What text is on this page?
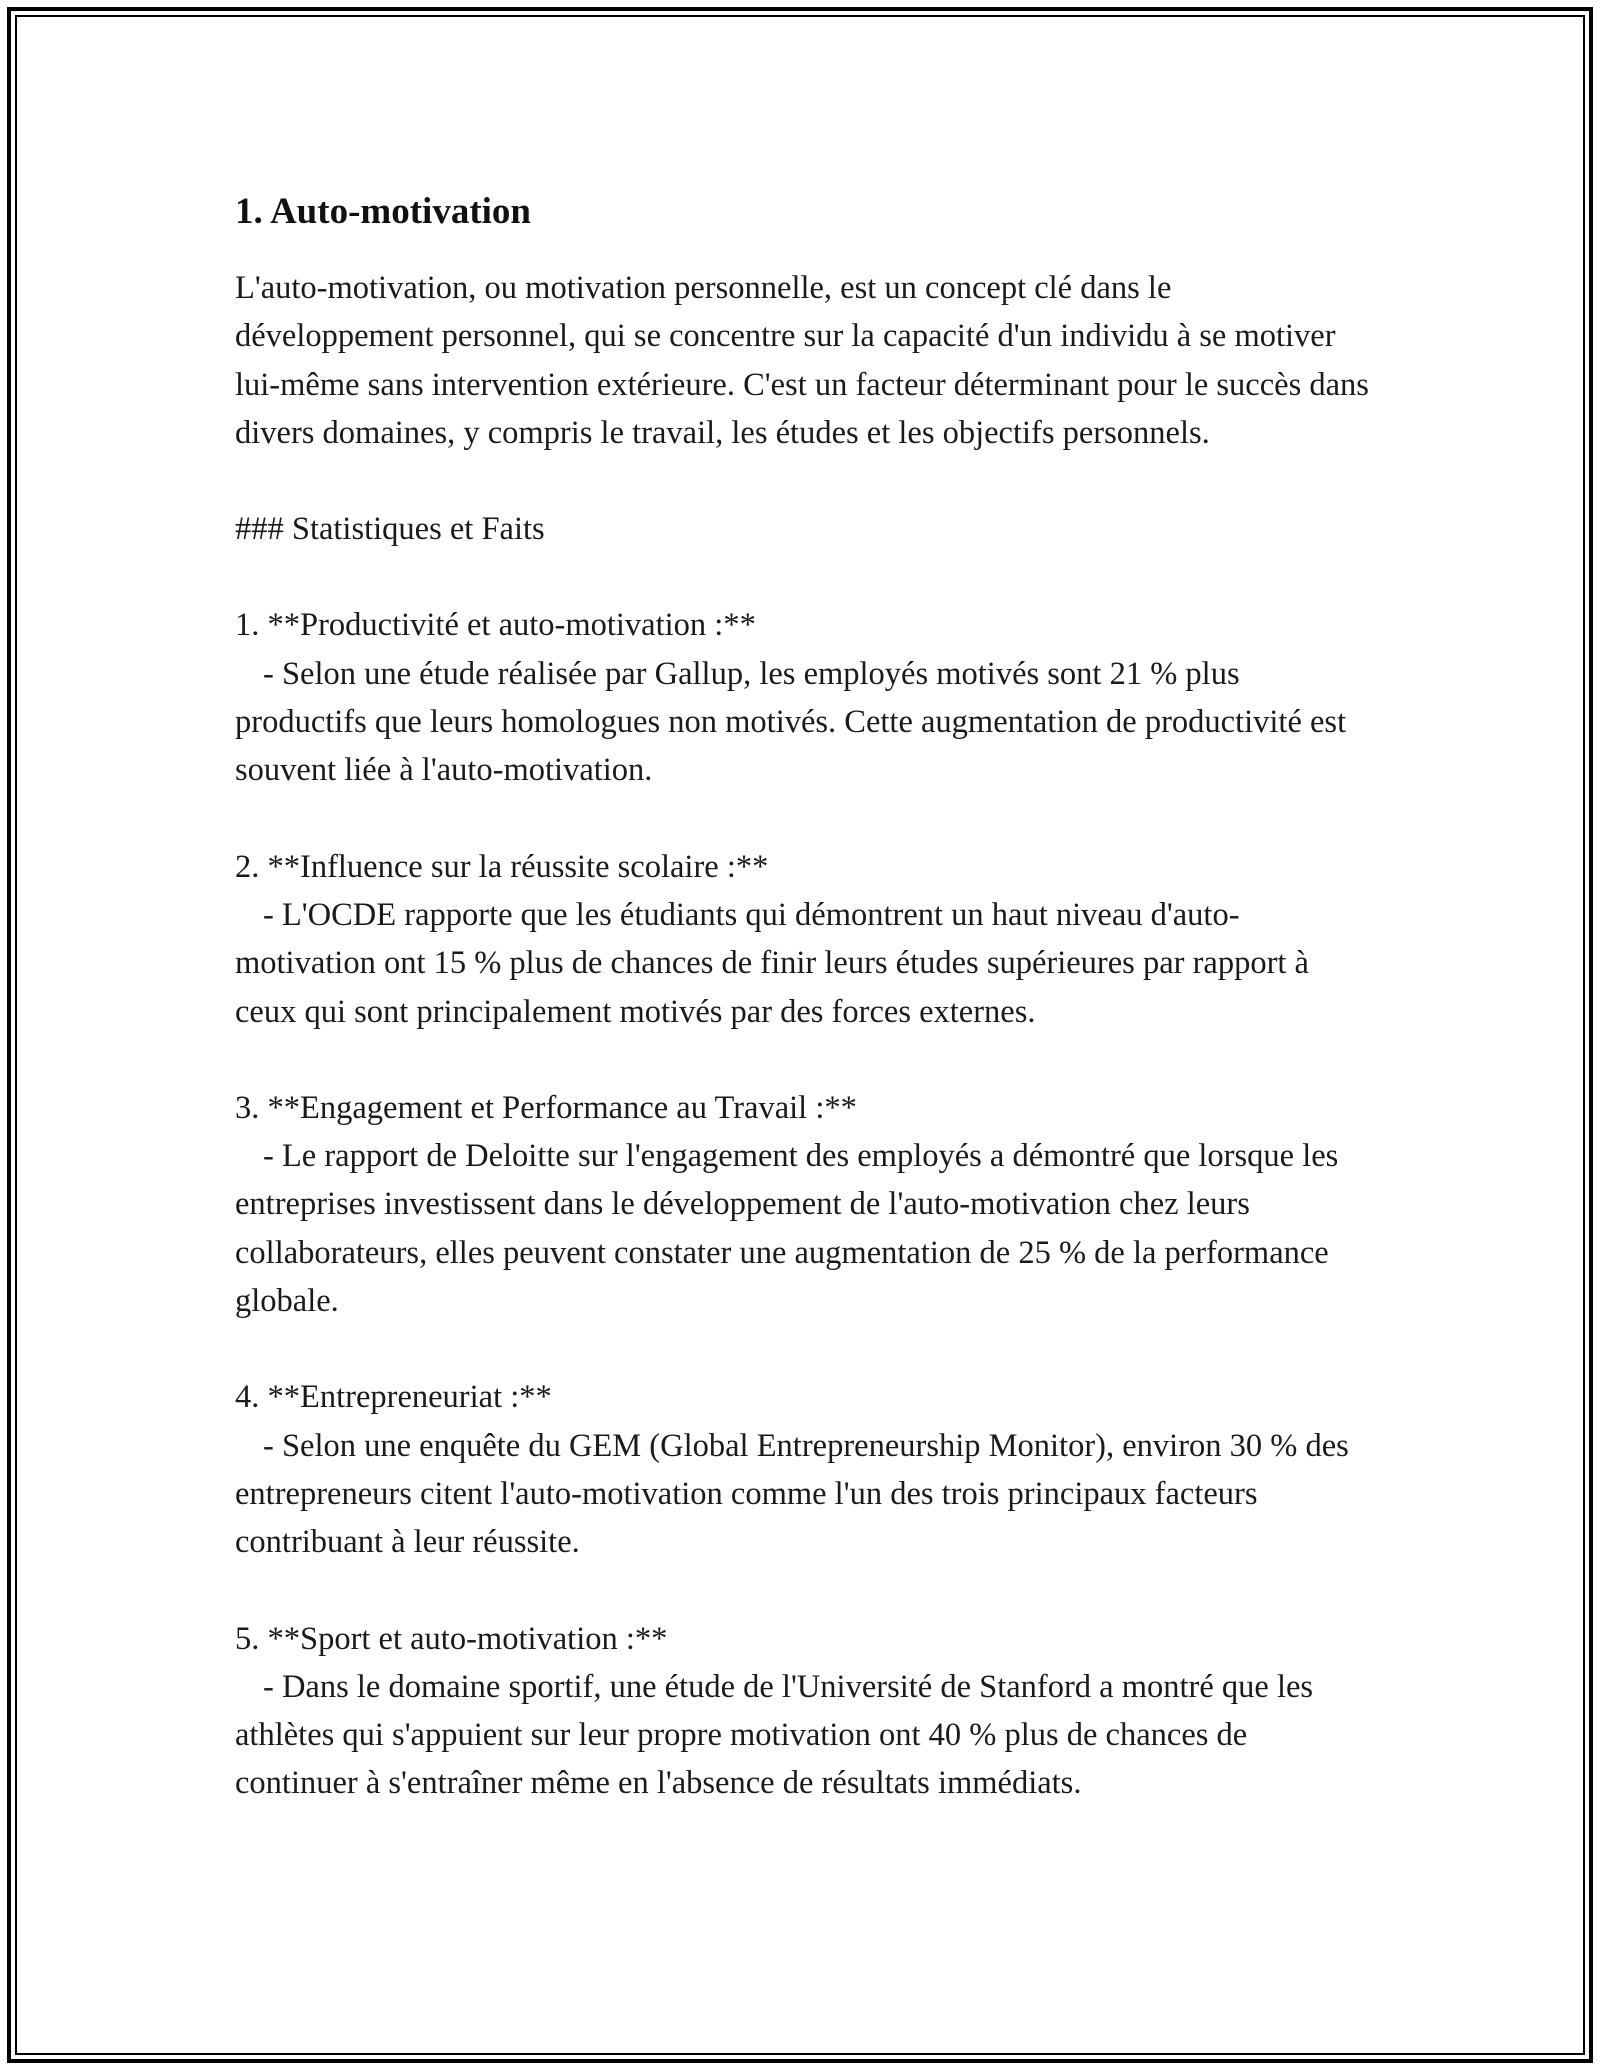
1. Auto-motivation

L'auto-motivation, ou motivation personnelle, est un concept clé dans le développement personnel, qui se concentre sur la capacité d'un individu à se motiver lui-même sans intervention extérieure. C'est un facteur déterminant pour le succès dans divers domaines, y compris le travail, les études et les objectifs personnels.

### Statistiques et Faits

1. **Productivité et auto-motivation :**

- Selon une étude réalisée par Gallup, les employés motivés sont 21 % plus productifs que leurs homologues non motivés. Cette augmentation de productivité est souvent liée à l'auto-motivation.

2. **Influence sur la réussite scolaire :**

- L'OCDE rapporte que les étudiants qui démontrent un haut niveau d'auto-motivation ont 15 % plus de chances de finir leurs études supérieures par rapport à ceux qui sont principalement motivés par des forces externes.

3. **Engagement et Performance au Travail :**

- Le rapport de Deloitte sur l'engagement des employés a démontré que lorsque les entreprises investissent dans le développement de l'auto-motivation chez leurs collaborateurs, elles peuvent constater une augmentation de 25 % de la performance globale.

4. **Entrepreneuriat :**

- Selon une enquête du GEM (Global Entrepreneurship Monitor), environ 30 % des entrepreneurs citent l'auto-motivation comme l'un des trois principaux facteurs contribuant à leur réussite.

5. **Sport et auto-motivation :**

- Dans le domaine sportif, une étude de l'Université de Stanford a montré que les athlètes qui s'appuient sur leur propre motivation ont 40 % plus de chances de continuer à s'entraîner même en l'absence de résultats immédiats.
